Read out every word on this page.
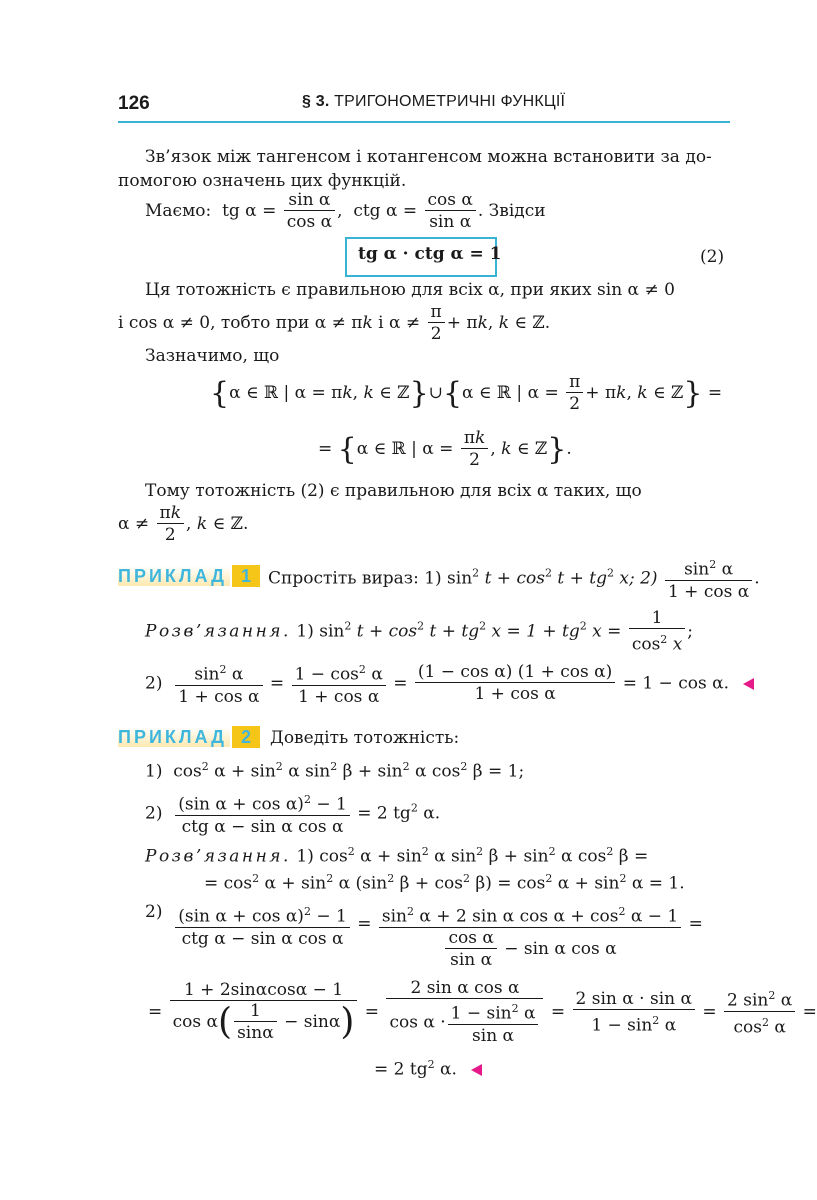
126	§ 3. ТРИГОНОМЕТРИЧНІ ФУНКЦІЇ
Зв’язок між тангенсом і котангенсом можна встановити за до-
помогою означень цих функцій.
Маємо: tg $\alpha = \frac{\text{sin α}}{\text{cos α}}$ , ctg $\alpha = \frac{\text{cos α}}{\text{sin α}}$ . Звідси
tg α · ctg α = 1	(2)
Ця тотожність є правильною для всіх α, при яких sin α ≠ 0
і cos α ≠ 0, тобто при α ≠ πk і $\alpha \ne \frac{\pi}{2} + \pi k$, k ∈ ℤ.
Зазначимо, що
{α ∈ ℝ | α = πk, k ∈ ℤ}∪{α ∈ ℝ | $\alpha = \frac{\pi}{2} + \pi k$, k ∈ ℤ} =
= {α ∈ ℝ | $\alpha = \frac{\pi k}{2}$ , k ∈ ℤ}.
Тому тотожність (2) є правильною для всіх α таких, що
$\alpha \ne \frac{\pi k}{2}$ , k ∈ ℤ.
ПРИКЛАД 1	Спростіть вираз: 1) $\sin^2 t + \cos^2 t + tg^2$ x; $2) \frac{\sin^2 \alpha}{\text{1 + cos α}}$ .
Розв’язання. 1) $\sin^2 t + \cos^2 t + tg^2$ $x = 1 + tg^2$ $x = \frac{1}{\cos^2 x}$ ;
$2) \frac{\sin^2 \alpha}{\text{1 + cos α}} = \frac{1 - \cos^2 \alpha}{\text{1 + cos α}} = \frac{\text{(1 − cos α) (1 + cos α)}}{\text{1 + cos α}} = 1 - \cos \alpha$.
ПРИКЛАД 2	Доведіть тотожність:
1) $\cos^2 \alpha + \sin^2 \alpha$ $\sin^2 \beta + \sin^2 \alpha$ $\cos^2 \beta = 1$;
$2) \frac{(\sin \alpha + \cos \alpha)^2 - 1}{\text{ctg α − sin α cos α}} = 2$ $tg^2$ α.
Розв’язання. 1) $\cos^2 \alpha + \sin^2 \alpha$ $\sin^2 \beta + \sin^2 \alpha$ $\cos^2 \beta$ =
= $\cos^2 \alpha + \sin^2 \alpha$ ($\sin^2$ $\beta + \cos^2 \beta) = \cos^2 \alpha + \sin^2 \alpha = 1$.
$2) \frac{(\sin \alpha + \cos \alpha)^2 - 1}{\text{ctg α − sin α cos α}} = \frac{\sin^2 \alpha + 2 \sin \alpha \cos \alpha + \cos^2 \alpha - 1}{\frac{\text{cos α}}{\text{sin α}} - \sin \alpha \cos \alpha}$ =
= $\frac{1 + 2\sin\alpha\cos\alpha - 1}{\cos \alpha( \frac{1}{\sin\alpha} - \sin\alpha)} = \frac{\text{2 sin α cos α}}{\cos \alpha \cdot \frac{1 - \sin^2 \alpha}{\text{sin α}}} = \frac{\text{2 sin α · sin α}}{1 - \sin^2 \alpha} = \frac{2 \sin^2 \alpha}{\cos^2 \alpha}$ =
= 2 $tg^2$ α.
